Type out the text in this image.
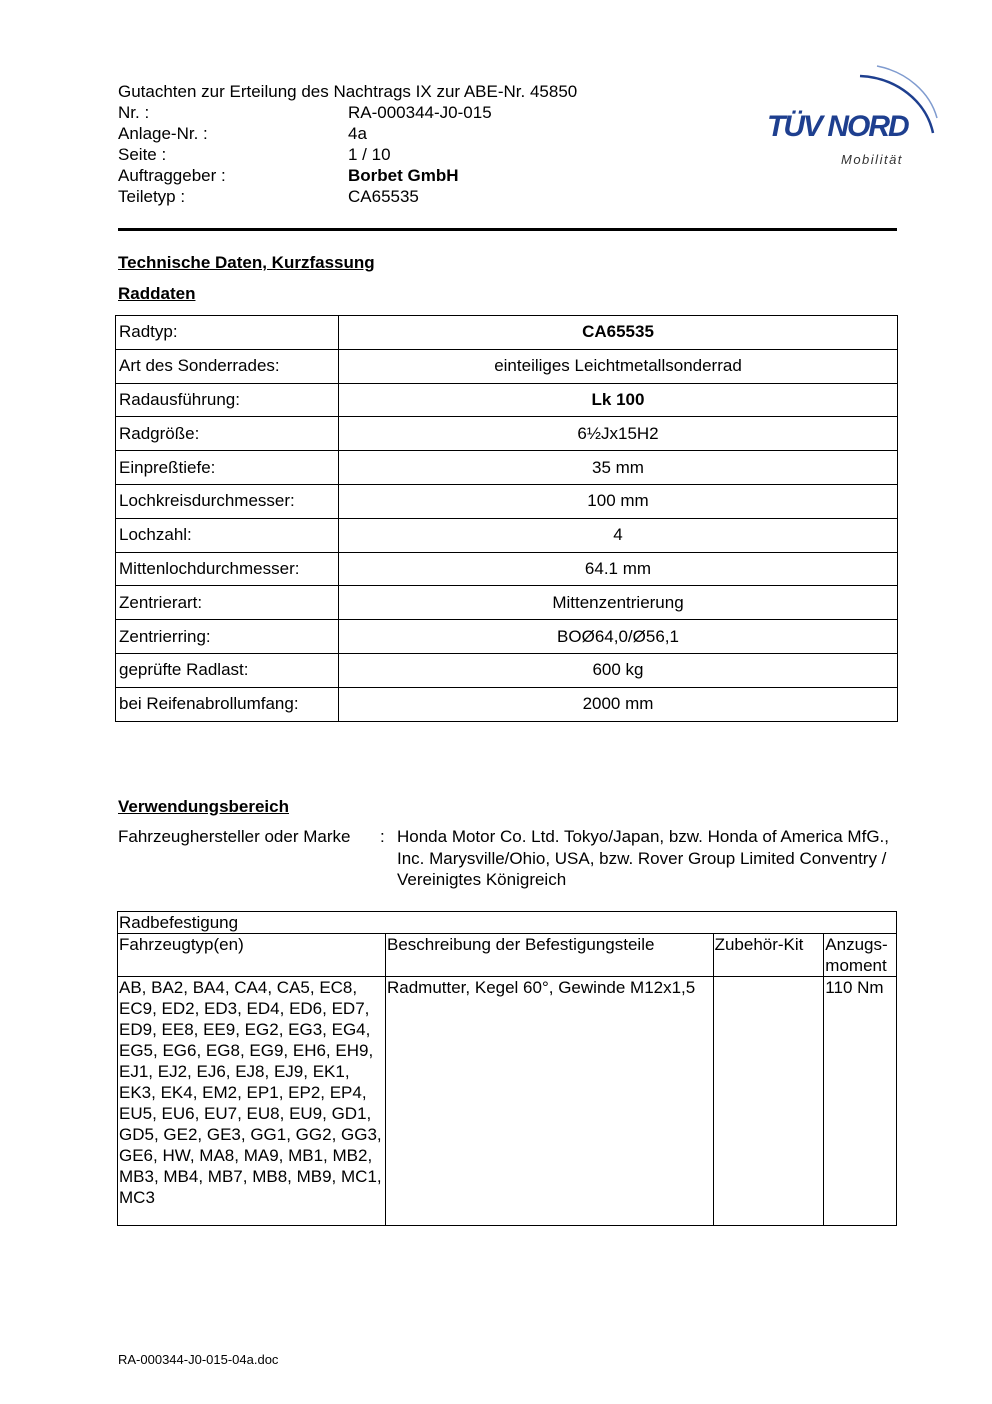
Gutachten zur Erteilung des Nachtrags IX zur ABE-Nr. 45850
Nr. :	RA-000344-J0-015
Anlage-Nr. :	4a
Seite :	1 / 10
Auftraggeber :	Borbet GmbH
Teiletyp :	CA65535
TÜV NORD
Mobilität
Technische Daten, Kurzfassung
Raddaten
Radtyp:	CA65535
Art des Sonderrades:	einteiliges Leichtmetallsonderrad
Radausführung:	Lk 100
Radgröße:	6½Jx15H2
Einpreßtiefe:	35 mm
Lochkreisdurchmesser:	100 mm
Lochzahl:	4
Mittenlochdurchmesser:	64.1 mm
Zentrierart:	Mittenzentrierung
Zentrierring:	BOØ64,0/Ø56,1
geprüfte Radlast:	600 kg
bei Reifenabrollumfang:	2000 mm
Verwendungsbereich
Fahrzeughersteller oder Marke	: Honda Motor Co. Ltd. Tokyo/Japan, bzw. Honda of America MfG., Inc. Marysville/Ohio, USA, bzw. Rover Group Limited Conventry / Vereinigtes Königreich
Radbefestigung			
Fahrzeugtyp(en)	Beschreibung der Befestigungsteile	Zubehör-Kit	Anzugs-moment
AB, BA2, BA4, CA4, CA5, EC8, EC9, ED2, ED3, ED4, ED6, ED7, ED9, EE8, EE9, EG2, EG3, EG4, EG5, EG6, EG8, EG9, EH6, EH9, EJ1, EJ2, EJ6, EJ8, EJ9, EK1, EK3, EK4, EM2, EP1, EP2, EP4, EU5, EU6, EU7, EU8, EU9, GD1, GD5, GE2, GE3, GG1, GG2, GG3, GE6, HW, MA8, MA9, MB1, MB2, MB3, MB4, MB7, MB8, MB9, MC1, MC3	Radmutter, Kegel 60°, Gewinde M12x1,5		110 Nm
RA-000344-J0-015-04a.doc
